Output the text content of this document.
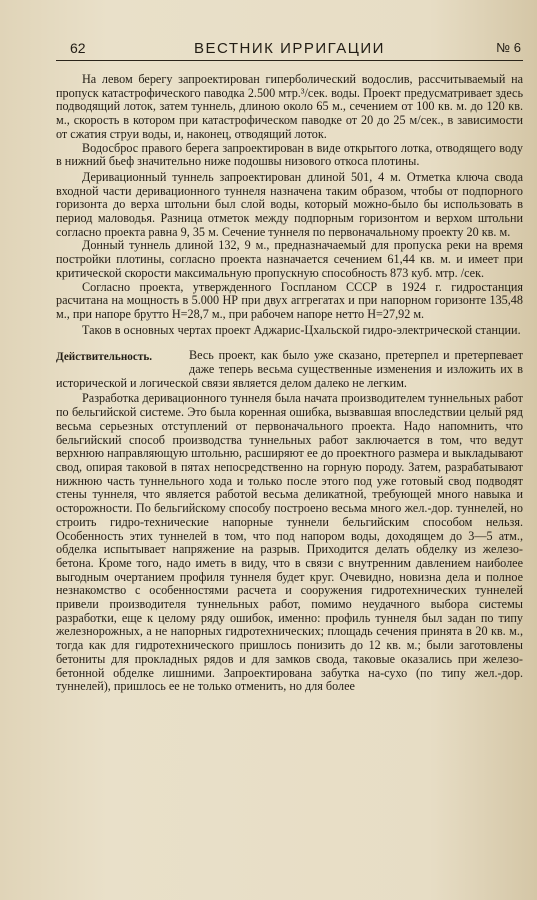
62	ВЕСТНИК ИРРИГАЦИИ	№ 6

На левом берегу запроектирован гиперболический водослив, рассчитываемый на пропуск катастрофического паводка 2.500 мтр.³/сек. воды. Проект предусматривает здесь подводящий лоток, затем туннель, длиною около 65 м., сечением от 100 кв. м. до 120 кв. м., скорость в котором при катастрофическом паводке от 20 до 25 м/сек., в зависимости от сжатия струи воды, и, наконец, отводящий лоток.

Водосброс правого берега запроектирован в виде открытого лотка, отводящего воду в нижний бьеф значительно ниже подошвы низового откоса плотины.

Деривационный туннель запроектирован длиной 501, 4 м. Отметка ключа свода входной части деривационного туннеля назначена таким образом, чтобы от подпорного горизонта до верха штольни был слой воды, который можно-было бы использовать в период маловодья. Разница отметок между подпорным горизонтом и верхом штольни согласно проекта равна 9, 35 м. Сечение туннеля по первоначальному проекту 20 кв. м.

Донный туннель длиной 132, 9 м., предназначаемый для пропуска реки на время постройки плотины, согласно проекта назначается сечением 61,44 кв. м. и имеет при критической скорости максимальную пропускную способность 873 куб. мтр. /сек.

Согласно проекта, утвержденного Госпланом СССР в 1924 г. гидростанция расчитана на мощность в 5.000 НР при двух аггрегатах и при напорном горизонте 135,48 м., при напоре брутто Н=28,7 м., при рабочем напоре нетто Н=27,92 м.

Таков в основных чертах проект Аджарис-Цхальской гидро-электрической станции.

Действительность.	Весь проект, как было уже сказано, претерпел и претерпевает даже теперь весьма существенные изменения и изложить их в исторической и логической связи является делом далеко не легким.

Разработка деривационного туннеля была начата производителем туннельных работ по бельгийской системе. Это была коренная ошибка, вызвавшая впоследствии целый ряд весьма серьезных отступлений от первоначального проекта. Надо напомнить, что бельгийский способ производства туннельных работ заключается в том, что ведут верхнюю направляющую штольню, расширяют ее до проектного размера и выкладывают свод, опирая таковой в пятах непосредственно на горную породу. Затем, разрабатывают нижнюю часть туннельного хода и только после этого под уже готовый свод подводят стены туннеля, что является работой весьма деликатной, требующей много навыка и осторожности. По бельгийскому способу построено весьма много жел.-дор. туннелей, но строить гидро-технические напорные туннели бельгийским способом нельзя. Особенность этих туннелей в том, что под напором воды, доходящем до 3—5 атм., обделка испытывает напряжение на разрыв. Приходится делать обделку из железо-бетона. Кроме того, надо иметь в виду, что в связи с внутренним давлением наиболее выгодным очертанием профиля туннеля будет круг. Очевидно, новизна дела и полное незнакомство с особенностями расчета и сооружения гидротехнических туннелей привели производителя туннельных работ, помимо неудачного выбора системы разработки, еще к целому ряду ошибок, именно: профиль туннеля был задан по типу железнорожных, а не напорных гидротехнических; площадь сечения принята в 20 кв. м., тогда как для гидротехнического пришлось понизить до 12 кв. м.; были заготовлены бетониты для прокладных рядов и для замков свода, таковые оказались при железо-бетонной обделке лишними. Запроектирована забутка на-сухо (по типу жел.-дор. туннелей), пришлось ее не только отменить, но для более
